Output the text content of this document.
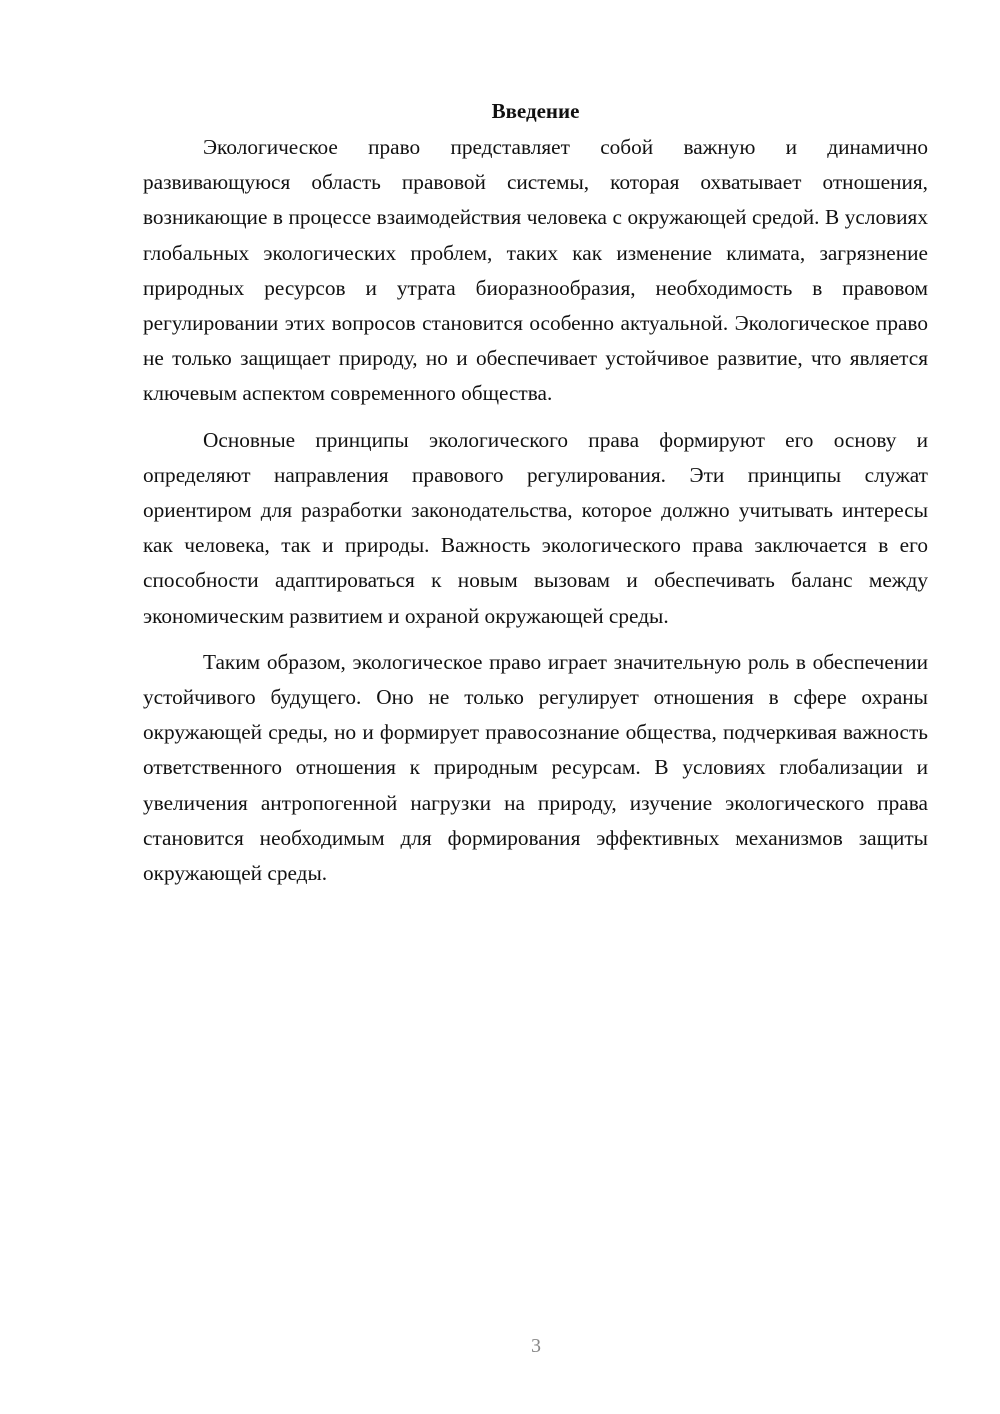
Введение

Экологическое право представляет собой важную и динамично развивающуюся область правовой системы, которая охватывает отношения, возникающие в процессе взаимодействия человека с окружающей средой. В условиях глобальных экологических проблем, таких как изменение климата, загрязнение природных ресурсов и утрата биоразнообразия, необходимость в правовом регулировании этих вопросов становится особенно актуальной. Экологическое право не только защищает природу, но и обеспечивает устойчивое развитие, что является ключевым аспектом современного общества.

Основные принципы экологического права формируют его основу и определяют направления правового регулирования. Эти принципы служат ориентиром для разработки законодательства, которое должно учитывать интересы как человека, так и природы. Важность экологического права заключается в его способности адаптироваться к новым вызовам и обеспечивать баланс между экономическим развитием и охраной окружающей среды.

Таким образом, экологическое право играет значительную роль в обеспечении устойчивого будущего. Оно не только регулирует отношения в сфере охраны окружающей среды, но и формирует правосознание общества, подчеркивая важность ответственного отношения к природным ресурсам. В условиях глобализации и увеличения антропогенной нагрузки на природу, изучение экологического права становится необходимым для формирования эффективных механизмов защиты окружающей среды.

3
